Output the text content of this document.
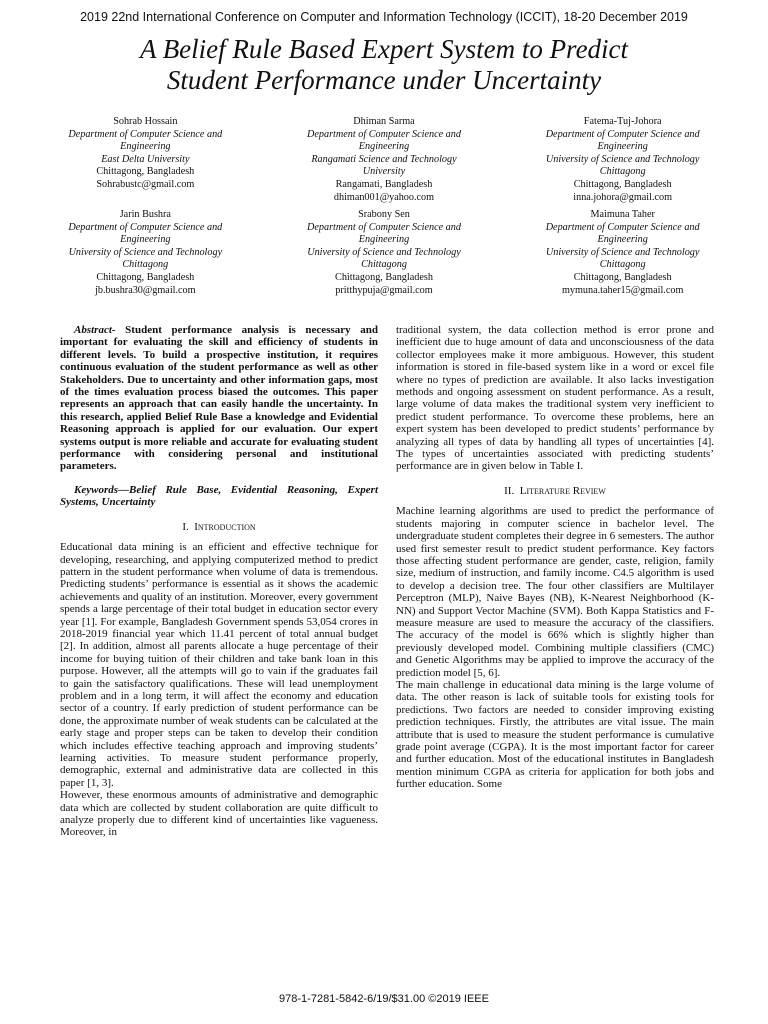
2019 22nd International Conference on Computer and Information Technology (ICCIT), 18-20 December 2019
A Belief Rule Based Expert System to Predict
Student Performance under Uncertainty
Sohrab Hossain
Department of Computer Science and
Engineering
East Delta University
Chittagong, Bangladesh
Sohrabustc@gmail.com
Dhiman Sarma
Department of Computer Science and
Engineering
Rangamati Science and Technology
University
Rangamati, Bangladesh
dhiman001@yahoo.com
Fatema-Tuj-Johora
Department of Computer Science and
Engineering
University of Science and Technology
Chittagong
Chittagong, Bangladesh
inna.johora@gmail.com
Jarin Bushra
Department of Computer Science and
Engineering
University of Science and Technology
Chittagong
Chittagong, Bangladesh
jb.bushra30@gmail.com
Srabony Sen
Department of Computer Science and
Engineering
University of Science and Technology
Chittagong
Chittagong, Bangladesh
pritthypuja@gmail.com
Maimuna Taher
Department of Computer Science and
Engineering
University of Science and Technology
Chittagong
Chittagong, Bangladesh
mymuna.taher15@gmail.com

Abstract- Student performance analysis is necessary and important for evaluating the skill and efficiency of students in different levels. To build a prospective institution, it requires continuous evaluation of the student performance as well as other Stakeholders. Due to uncertainty and other information gaps, most of the times evaluation process biased the outcomes. This paper represents an approach that can easily handle the uncertainty. In this research, applied Belief Rule Base a knowledge and Evidential Reasoning approach is applied for our evaluation. Our expert systems output is more reliable and accurate for evaluating student performance with considering personal and institutional parameters.

Keywords—Belief Rule Base, Evidential Reasoning, Expert Systems, Uncertainty

I. Introduction

Educational data mining is an efficient and effective technique for developing, researching, and applying computerized method to predict pattern in the student performance when volume of data is tremendous. Predicting students’ performance is essential as it shows the academic achievements and quality of an institution. Moreover, every government spends a large percentage of their total budget in education sector every year [1]. For example, Bangladesh Government spends 53,054 crores in 2018-2019 financial year which 11.41 percent of total annual budget [2]. In addition, almost all parents allocate a huge percentage of their income for buying tuition of their children and take bank loan in this purpose. However, all the attempts will go to vain if the graduates fail to gain the satisfactory qualifications. These will lead unemployment problem and in a long term, it will affect the economy and education sector of a country. If early prediction of student performance can be done, the approximate number of weak students can be calculated at the early stage and proper steps can be taken to develop their condition which includes effective teaching approach and improving students’ learning activities. To measure student performance properly, demographic, external and administrative data are collected in this paper [1, 3].

However, these enormous amounts of administrative and demographic data which are collected by student collaboration are quite difficult to analyze properly due to different kind of uncertainties like vagueness. Moreover, in

traditional system, the data collection method is error prone and inefficient due to huge amount of data and unconsciousness of the data collector employees make it more ambiguous. However, this student information is stored in file-based system like in a word or excel file where no types of prediction are available. It also lacks investigation methods and ongoing assessment on student performance. As a result, large volume of data makes the traditional system very inefficient to predict student performance. To overcome these problems, here an expert system has been developed to predict students’ performance by analyzing all types of data by handling all types of uncertainties [4]. The types of uncertainties associated with predicting students’ performance are in given below in Table I.

II. Literature Review

Machine learning algorithms are used to predict the performance of students majoring in computer science in bachelor level. The undergraduate student completes their degree in 6 semesters. The author used first semester result to predict student performance. Key factors those affecting student performance are gender, caste, religion, family size, medium of instruction, and family income. C4.5 algorithm is used to develop a decision tree. The four other classifiers are Multilayer Perceptron (MLP), Naive Bayes (NB), K-Nearest Neighborhood (K-NN) and Support Vector Machine (SVM). Both Kappa Statistics and F-measure measure are used to measure the accuracy of the classifiers. The accuracy of the model is 66% which is slightly higher than previously developed model. Combining multiple classifiers (CMC) and Genetic Algorithms may be applied to improve the accuracy of the prediction model [5, 6].

The main challenge in educational data mining is the large volume of data. The other reason is lack of suitable tools for existing tools for predictions. Two factors are needed to consider improving existing prediction techniques. Firstly, the attributes are vital issue. The main attribute that is used to measure the student performance is cumulative grade point average (CGPA). It is the most important factor for career and further education. Most of the educational institutes in Bangladesh mention minimum CGPA as criteria for application for both jobs and further education. Some

978-1-7281-5842-6/19/$31.00 ©2019 IEEE
